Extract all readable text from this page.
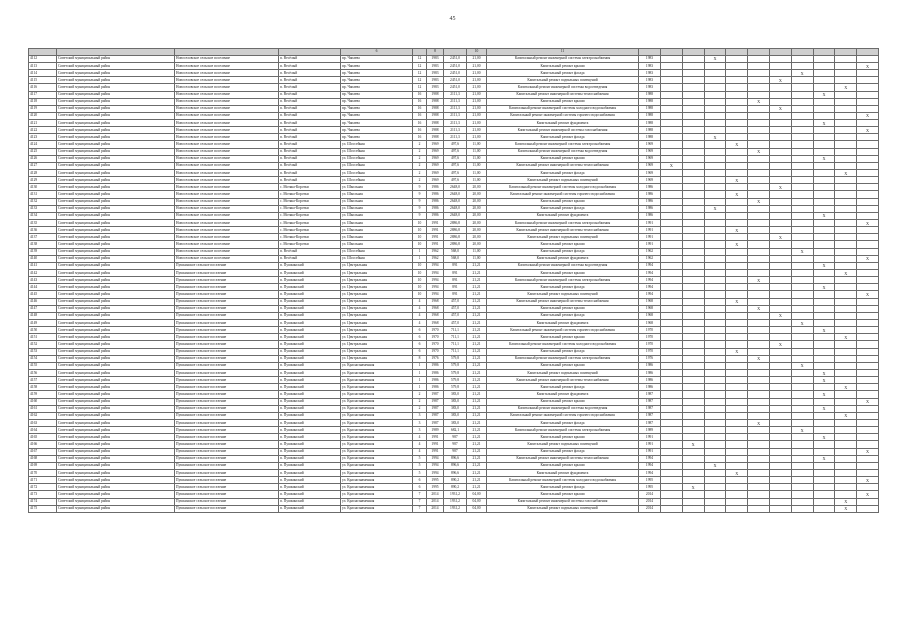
45
				6		8		10	11											
4112	Советский муниципальный район	Новоселовское сельское поселение	п. Весёлый	пр. Чапаева	12	1983	2451,0	21,00	Капитальный ремонт инженерной системы электроснабжения	1983			Х							
4113	Советский муниципальный район	Новоселовское сельское поселение	п. Весёлый	пр. Чапаева	12	1983	2451,0	21,00	Капитальный ремонт крыши	1983										Х
4114	Советский муниципальный район	Новоселовское сельское поселение	п. Весёлый	пр. Чапаева	12	1983	2451,0	21,00	Капитальный ремонт фасада	1983							Х			
4115	Советский муниципальный район	Новоселовское сельское поселение	п. Весёлый	пр. Чапаева	12	1983	2451,0	21,00	Капитальный ремонт подвальных помещений	1983						Х				
4116	Советский муниципальный район	Новоселовское сельское поселение	п. Весёлый	пр. Чапаева	12	1983	2451,0	21,00	Капитальный ремонт инженерной системы водоотведения	1983									Х	
4117	Советский муниципальный район	Новоселовское сельское поселение	п. Весёлый	пр. Чапаева	16	1988	2111,3	21,00	Капитальный ремонт инженерной системы теплоснабжения	1988								Х		
4118	Советский муниципальный район	Новоселовское сельское поселение	п. Весёлый	пр. Чапаева	16	1988	2111,3	21,00	Капитальный ремонт крыши	1988					Х					
4119	Советский муниципальный район	Новоселовское сельское поселение	п. Весёлый	пр. Чапаева	16	1988	2111,3	21,00	Капитальный ремонт инженерной системы холодного водоснабжения	1988						Х				
4120	Советский муниципальный район	Новоселовское сельское поселение	п. Весёлый	пр. Чапаева	16	1988	2111,3	21,00	Капитальный ремонт инженерной системы горячего водоснабжения	1988										Х
4121	Советский муниципальный район	Новоселовское сельское поселение	п. Весёлый	пр. Чапаева	16	1988	2111,3	21,00	Капитальный ремонт фундамента	1988								Х		
4122	Советский муниципальный район	Новоселовское сельское поселение	п. Весёлый	пр. Чапаева	16	1988	2111,3	21,00	Капитальный ремонт инженерной системы газоснабжения	1988										Х
4123	Советский муниципальный район	Новоселовское сельское поселение	п. Весёлый	пр. Чапаева	16	1988	2111,3	21,00	Капитальный ремонт фасада	1988			Х							
4124	Советский муниципальный район	Новоселовское сельское поселение	п. Весёлый	ул. Шоссейная	2	1969	497,6	11,00	Капитальный ремонт инженерной системы электроснабжения	1969				Х						
4125	Советский муниципальный район	Новоселовское сельское поселение	п. Весёлый	ул. Шоссейная	2	1969	497,6	11,00	Капитальный ремонт инженерной системы водоотведения	1969					Х					
4126	Советский муниципальный район	Новоселовское сельское поселение	п. Весёлый	ул. Шоссейная	2	1969	497,6	11,00	Капитальный ремонт крыши	1969								Х		
4127	Советский муниципальный район	Новоселовское сельское поселение	п. Весёлый	ул. Шоссейная	2	1969	497,6	11,00	Капитальный ремонт инженерной системы теплоснабжения	1969	Х									
4128	Советский муниципальный район	Новоселовское сельское поселение	п. Весёлый	ул. Шоссейная	2	1969	497,6	11,00	Капитальный ремонт фасада	1969									Х	
4129	Советский муниципальный район	Новоселовское сельское поселение	п. Весёлый	ул. Шоссейная	2	1969	497,6	11,00	Капитальный ремонт подвальных помещений	1969				Х						
4130	Советский муниципальный район	Новоселовское сельское поселение	с. Мотяка-Коротки	ул. Школьная	9	1986	2648,0	20,00	Капитальный ремонт инженерной системы холодного водоснабжения	1986						Х				
4131	Советский муниципальный район	Новоселовское сельское поселение	с. Мотяка-Коротки	ул. Школьная	9	1986	2648,0	20,00	Капитальный ремонт инженерной системы горячего водоснабжения	1986				Х						
4132	Советский муниципальный район	Новоселовское сельское поселение	с. Мотяка-Коротки	ул. Школьная	9	1986	2648,0	20,00	Капитальный ремонт крыши	1986					Х					
4133	Советский муниципальный район	Новоселовское сельское поселение	с. Мотяка-Коротки	ул. Школьная	9	1986	2648,0	20,00	Капитальный ремонт фасада	1986			Х							
4134	Советский муниципальный район	Новоселовское сельское поселение	с. Мотяка-Коротки	ул. Школьная	9	1986	2648,0	20,00	Капитальный ремонт фундамента	1986								Х		
4135	Советский муниципальный район	Новоселовское сельское поселение	с. Мотяка-Коротки	ул. Школьная	10	1991	2886,8	20,00	Капитальный ремонт инженерной системы электроснабжения	1991										Х
4136	Советский муниципальный район	Новоселовское сельское поселение	с. Мотяка-Коротки	ул. Школьная	10	1991	2886,8	20,00	Капитальный ремонт инженерной системы теплоснабжения	1991				Х						
4137	Советский муниципальный район	Новоселовское сельское поселение	с. Мотяка-Коротки	ул. Школьная	10	1991	2886,8	20,00	Капитальный ремонт подвальных помещений	1991						Х				
4138	Советский муниципальный район	Новоселовское сельское поселение	с. Мотяка-Коротки	ул. Школьная	10	1991	2886,8	20,00	Капитальный ремонт крыши	1991				Х						
4139	Советский муниципальный район	Новоселовское сельское поселение	п. Весёлый	ул. Шоссейная	1	1962	568,0	11,00	Капитальный ремонт фасада	1962							Х			
4140	Советский муниципальный район	Новоселовское сельское поселение	п. Весёлый	ул. Шоссейная	1	1962	568,0	11,00	Капитальный ремонт фундамента	1962										Х
4141	Советский муниципальный район	Пушкинское сельское поселение	п. Пушкинский	ул. Центральная	10	1994	891	21,21	Капитальный ремонт инженерной системы водоотведения	1994								Х		
4142	Советский муниципальный район	Пушкинское сельское поселение	п. Пушкинский	ул. Центральная	10	1994	891	21,21	Капитальный ремонт крыши	1994									Х	
4143	Советский муниципальный район	Пушкинское сельское поселение	п. Пушкинский	ул. Центральная	10	1994	891	21,21	Капитальный ремонт инженерной системы электроснабжения	1994					Х					
4144	Советский муниципальный район	Пушкинское сельское поселение	п. Пушкинский	ул. Центральная	10	1994	891	21,21	Капитальный ремонт фасада	1994								Х		
4145	Советский муниципальный район	Пушкинское сельское поселение	п. Пушкинский	ул. Центральная	10	1994	891	21,21	Капитальный ремонт подвальных помещений	1994										Х
4146	Советский муниципальный район	Пушкинское сельское поселение	п. Пушкинский	ул. Центральная	4	1968	457,0	21,21	Капитальный ремонт инженерной системы теплоснабжения	1968				Х						
4147	Советский муниципальный район	Пушкинское сельское поселение	п. Пушкинский	ул. Центральная	4	1968	457,0	21,21	Капитальный ремонт крыши	1968					Х					
4148	Советский муниципальный район	Пушкинское сельское поселение	п. Пушкинский	ул. Центральная	4	1968	457,0	21,21	Капитальный ремонт фасада	1968						Х				
4149	Советский муниципальный район	Пушкинское сельское поселение	п. Пушкинский	ул. Центральная	4	1968	457,0	21,21	Капитальный ремонт фундамента	1968							Х			
4150	Советский муниципальный район	Пушкинское сельское поселение	п. Пушкинский	ул. Центральная	6	1970	711,1	21,21	Капитальный ремонт инженерной системы горячего водоснабжения	1970								Х		
4151	Советский муниципальный район	Пушкинское сельское поселение	п. Пушкинский	ул. Центральная	6	1970	711,1	21,21	Капитальный ремонт крыши	1970									Х	
4152	Советский муниципальный район	Пушкинское сельское поселение	п. Пушкинский	ул. Центральная	6	1970	711,1	21,21	Капитальный ремонт инженерной системы холодного водоснабжения	1970						Х				
4153	Советский муниципальный район	Пушкинское сельское поселение	п. Пушкинский	ул. Центральная	6	1970	711,1	21,21	Капитальный ремонт фасада	1970				Х						
4154	Советский муниципальный район	Пушкинское сельское поселение	п. Пушкинский	ул. Центральная	8	1976	579,8	21,21	Капитальный ремонт инженерной системы электроснабжения	1976					Х					
4155	Советский муниципальный район	Пушкинское сельское поселение	п. Пушкинский	ул. Краснознаменная	1	1986	579,8	21,21	Капитальный ремонт крыши	1986							Х			
4156	Советский муниципальный район	Пушкинское сельское поселение	п. Пушкинский	ул. Краснознаменная	1	1986	579,8	21,21	Капитальный ремонт подвальных помещений	1986								Х		
4157	Советский муниципальный район	Пушкинское сельское поселение	п. Пушкинский	ул. Краснознаменная	1	1986	579,8	21,21	Капитальный ремонт инженерной системы теплоснабжения	1986								Х		
4158	Советский муниципальный район	Пушкинское сельское поселение	п. Пушкинский	ул. Краснознаменная	1	1986	579,8	21,21	Капитальный ремонт фасада	1986									Х	
4159	Советский муниципальный район	Пушкинское сельское поселение	п. Пушкинский	ул. Краснознаменная	2	1987	383,0	21,21	Капитальный ремонт фундамента	1987								Х		
4160	Советский муниципальный район	Пушкинское сельское поселение	п. Пушкинский	ул. Краснознаменная	2	1987	383,0	21,21	Капитальный ремонт крыши	1987										Х
4161	Советский муниципальный район	Пушкинское сельское поселение	п. Пушкинский	ул. Краснознаменная	2	1987	383,0	21,21	Капитальный ремонт инженерной системы водоотведения	1987								Х		
4162	Советский муниципальный район	Пушкинское сельское поселение	п. Пушкинский	ул. Краснознаменная	3	1987	383,0	21,21	Капитальный ремонт инженерной системы горячего водоснабжения	1987									Х	
4163	Советский муниципальный район	Пушкинское сельское поселение	п. Пушкинский	ул. Краснознаменная	3	1987	383,0	21,21	Капитальный ремонт фасада	1987					Х					
4164	Советский муниципальный район	Пушкинское сельское поселение	п. Пушкинский	ул. Краснознаменная	3	1989	682,1	21,21	Капитальный ремонт инженерной системы электроснабжения	1989							Х			
4165	Советский муниципальный район	Пушкинское сельское поселение	п. Пушкинский	ул. Краснознаменная	4	1991	987	21,21	Капитальный ремонт крыши	1991								Х		
4166	Советский муниципальный район	Пушкинское сельское поселение	п. Пушкинский	ул. Краснознаменная	4	1991	987	21,21	Капитальный ремонт подвальных помещений	1991		Х								
4167	Советский муниципальный район	Пушкинское сельское поселение	п. Пушкинский	ул. Краснознаменная	4	1991	987	21,21	Капитальный ремонт фасада	1991										Х
4168	Советский муниципальный район	Пушкинское сельское поселение	п. Пушкинский	ул. Краснознаменная	5	1994	896,6	21,21	Капитальный ремонт инженерной системы теплоснабжения	1994								Х		
4169	Советский муниципальный район	Пушкинское сельское поселение	п. Пушкинский	ул. Краснознаменная	5	1994	896,6	21,21	Капитальный ремонт крыши	1994			Х							
4170	Советский муниципальный район	Пушкинское сельское поселение	п. Пушкинский	ул. Краснознаменная	5	1994	896,6	21,21	Капитальный ремонт фундамента	1994				Х						
4171	Советский муниципальный район	Пушкинское сельское поселение	п. Пушкинский	ул. Краснознаменная	6	1995	890,2	21,21	Капитальный ремонт инженерной системы холодного водоснабжения	1995										Х
4172	Советский муниципальный район	Пушкинское сельское поселение	п. Пушкинский	ул. Краснознаменная	6	1995	890,2	21,21	Капитальный ремонт фасада	1995		Х								
4173	Советский муниципальный район	Пушкинское сельское поселение	п. Пушкинский	ул. Краснознаменная	7	2014	1931,2	04,00	Капитальный ремонт крыши	2014										Х
4174	Советский муниципальный район	Пушкинское сельское поселение	п. Пушкинский	ул. Краснознаменная	7	2014	1931,2	04,00	Капитальный ремонт инженерной системы газоснабжения	2014									Х	
4175	Советский муниципальный район	Пушкинское сельское поселение	п. Пушкинский	ул. Краснознаменная	7	2014	1931,2	04,00	Капитальный ремонт подвальных помещений	2014									Х	
